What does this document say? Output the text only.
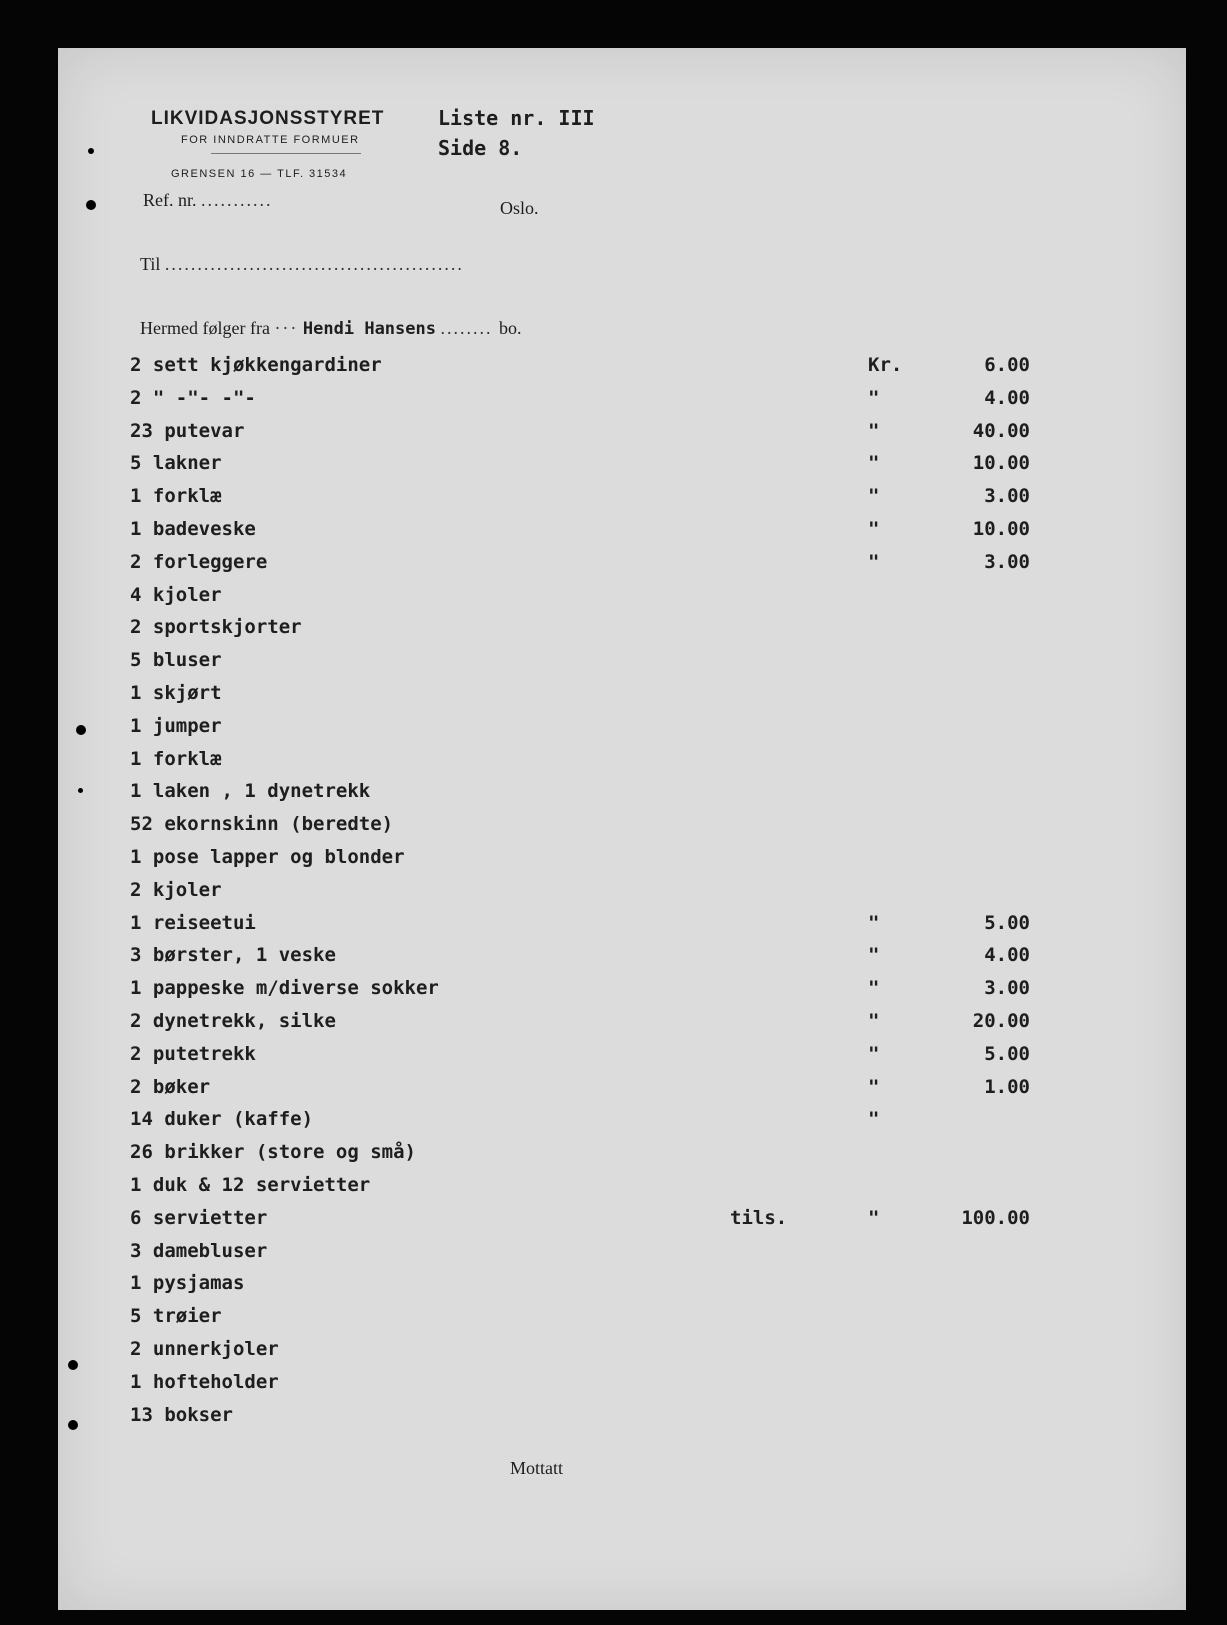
LIKVIDASJONSSTYRET
FOR INNDRATTE FORMUER
GRENSEN 16 — TLF. 31534
Liste nr. III
Side 8.
Ref. nr. ...........	Oslo.
Til ..............................................
Hermed følger fra ··· Hendi Hansens ........ bo.
2 sett kjøkkengardiner	Kr.	6.00
2 " -"- -"-	"	4.00
23 putevar	"	40.00
5 lakner	"	10.00
1 forklæ	"	3.00
1 badeveske	"	10.00
2 forleggere	"	3.00
4 kjoler
2 sportskjorter
5 bluser
1 skjørt
1 jumper
1 forklæ
1 laken , 1 dynetrekk
52 ekornskinn (beredte)
1 pose lapper og blonder
2 kjoler
1 reiseetui	"	5.00
3 børster, 1 veske	"	4.00
1 pappeske m/diverse sokker	"	3.00
2 dynetrekk, silke	"	20.00
2 putetrekk	"	5.00
2 bøker	"	1.00
14 duker (kaffe)	"
26 brikker (store og små)
1 duk & 12 servietter
6 servietter	tils.	"	100.00
3 damebluser
1 pysjamas
5 trøier
2 unnerkjoler
1 hofteholder
13 bokser
Mottatt
